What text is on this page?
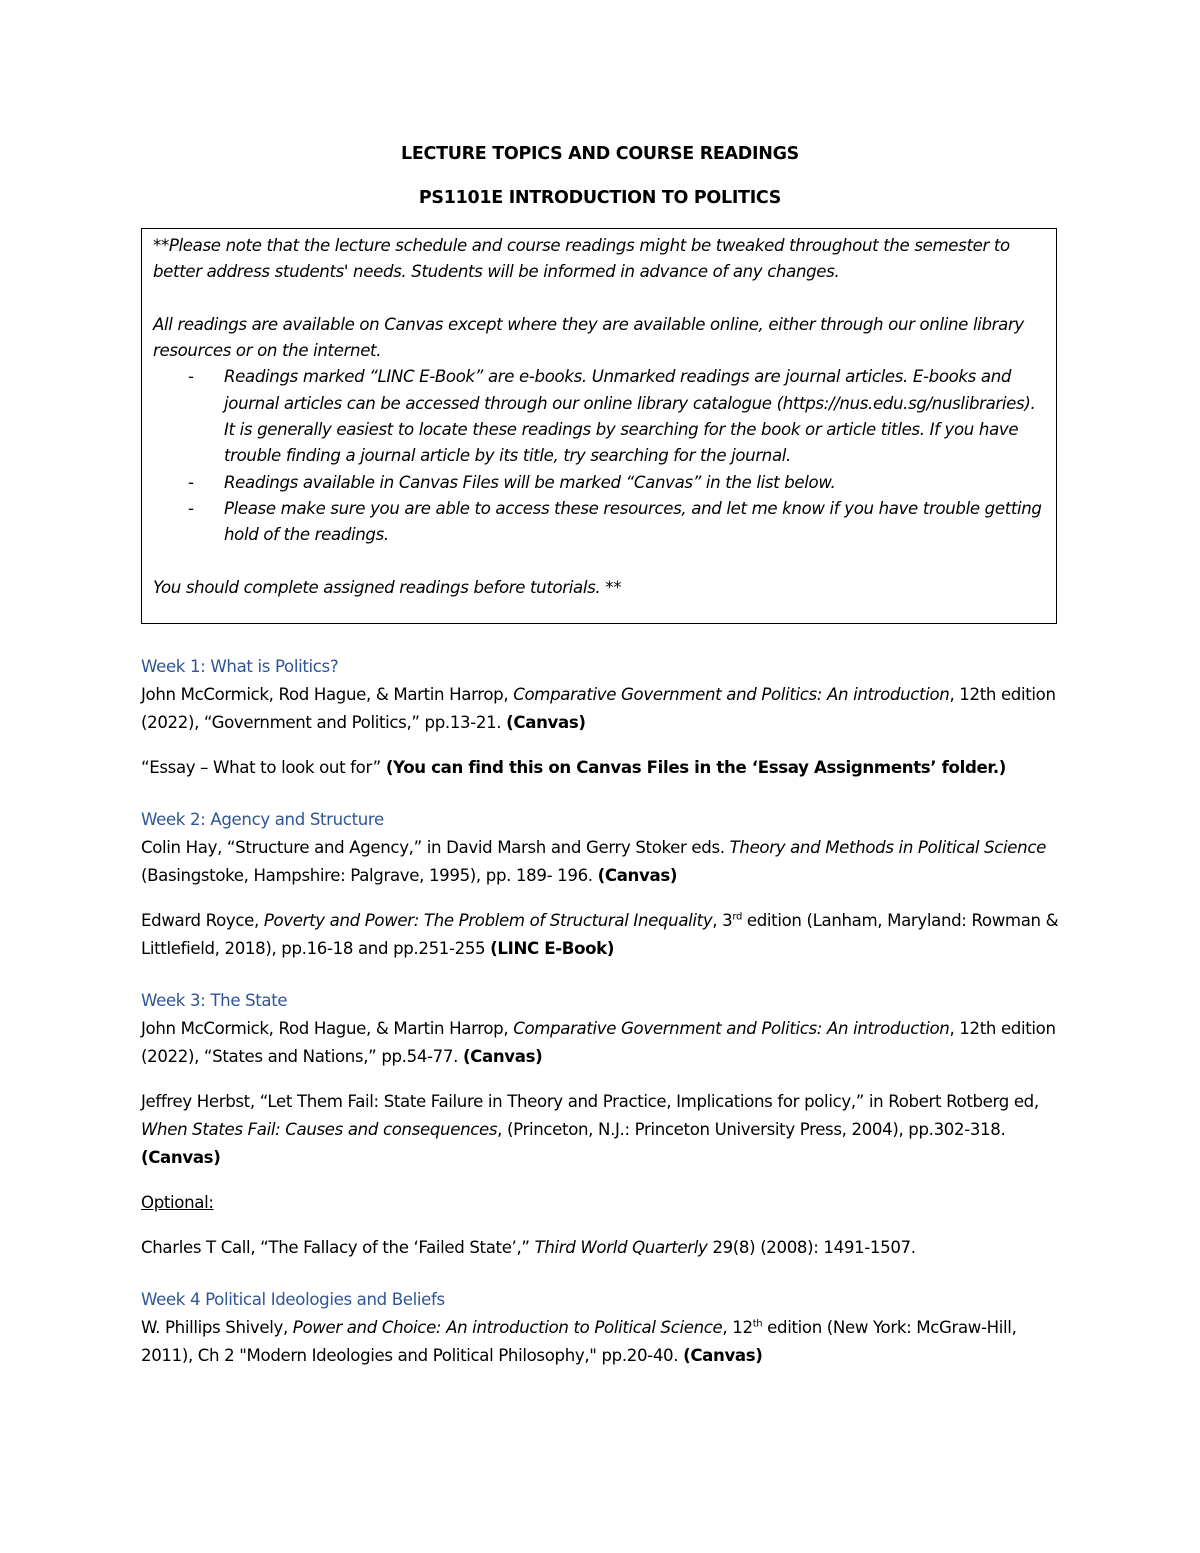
LECTURE TOPICS AND COURSE READINGS
PS1101E INTRODUCTION TO POLITICS

**Please note that the lecture schedule and course readings might be tweaked throughout the semester to better address students' needs. Students will be informed in advance of any changes.

All readings are available on Canvas except where they are available online, either through our online library resources or on the internet.

- Readings marked “LINC E-Book” are e-books. Unmarked readings are journal articles. E-books and journal articles can be accessed through our online library catalogue (https://nus.edu.sg/nuslibraries). It is generally easiest to locate these readings by searching for the book or article titles. If you have trouble finding a journal article by its title, try searching for the journal.
- Readings available in Canvas Files will be marked “Canvas” in the list below.
- Please make sure you are able to access these resources, and let me know if you have trouble getting hold of the readings.

You should complete assigned readings before tutorials. **

Week 1: What is Politics?

John McCormick, Rod Hague, & Martin Harrop, Comparative Government and Politics: An introduction, 12th edition (2022), “Government and Politics,” pp.13-21. (Canvas)

“Essay – What to look out for” (You can find this on Canvas Files in the ‘Essay Assignments’ folder.)

Week 2: Agency and Structure

Colin Hay, “Structure and Agency,” in David Marsh and Gerry Stoker eds. Theory and Methods in Political Science (Basingstoke, Hampshire: Palgrave, 1995), pp. 189- 196. (Canvas)

Edward Royce, Poverty and Power: The Problem of Structural Inequality, 3rd edition (Lanham, Maryland: Rowman & Littlefield, 2018), pp.16-18 and pp.251-255 (LINC E-Book)

Week 3: The State

John McCormick, Rod Hague, & Martin Harrop, Comparative Government and Politics: An introduction, 12th edition (2022), “States and Nations,” pp.54-77. (Canvas)

Jeffrey Herbst, “Let Them Fail: State Failure in Theory and Practice, Implications for policy,” in Robert Rotberg ed, When States Fail: Causes and consequences, (Princeton, N.J.: Princeton University Press, 2004), pp.302-318. (Canvas)

Optional:

Charles T Call, “The Fallacy of the ‘Failed State’,” Third World Quarterly 29(8) (2008): 1491-1507.

Week 4 Political Ideologies and Beliefs

W. Phillips Shively, Power and Choice: An introduction to Political Science, 12th edition (New York: McGraw-Hill, 2011), Ch 2 "Modern Ideologies and Political Philosophy," pp.20-40. (Canvas)
